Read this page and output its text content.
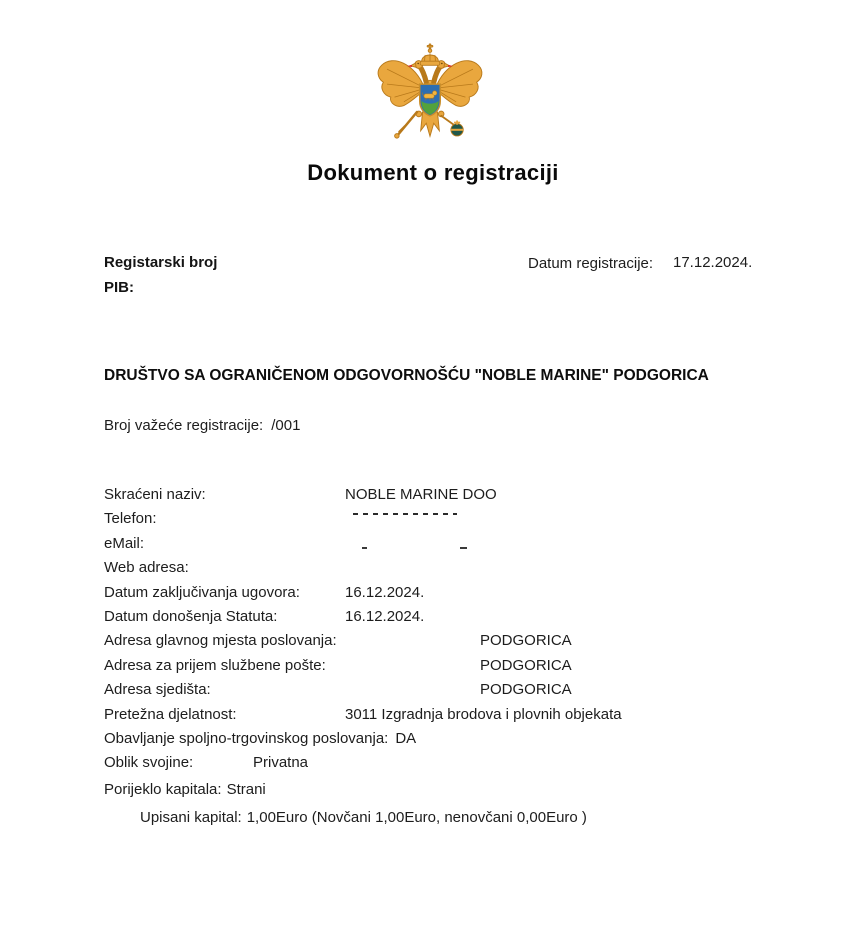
Dokument o registraciji
Registarski broj
PIB:
Datum registracije: 17.12.2024.
DRUŠTVO SA OGRANIČENOM ODGOVORNOŠĆU "NOBLE MARINE" PODGORICA
Broj važeće registracije: /001
Skraćeni naziv:	NOBLE MARINE DOO
Telefon:
eMail:
Web adresa:
Datum zaključivanja ugovora:	16.12.2024.
Datum donošenja Statuta:	16.12.2024.
Adresa glavnog mjesta poslovanja:	PODGORICA
Adresa za prijem službene pošte:	PODGORICA
Adresa sjedišta:	PODGORICA
Pretežna djelatnost:	3011 Izgradnja brodova i plovnih objekata
Obavljanje spoljno-trgovinskog poslovanja: DA
Oblik svojine:	Privatna
Porijeklo kapitala: Strani
Upisani kapital: 1,00Euro (Novčani 1,00Euro, nenovčani 0,00Euro )
